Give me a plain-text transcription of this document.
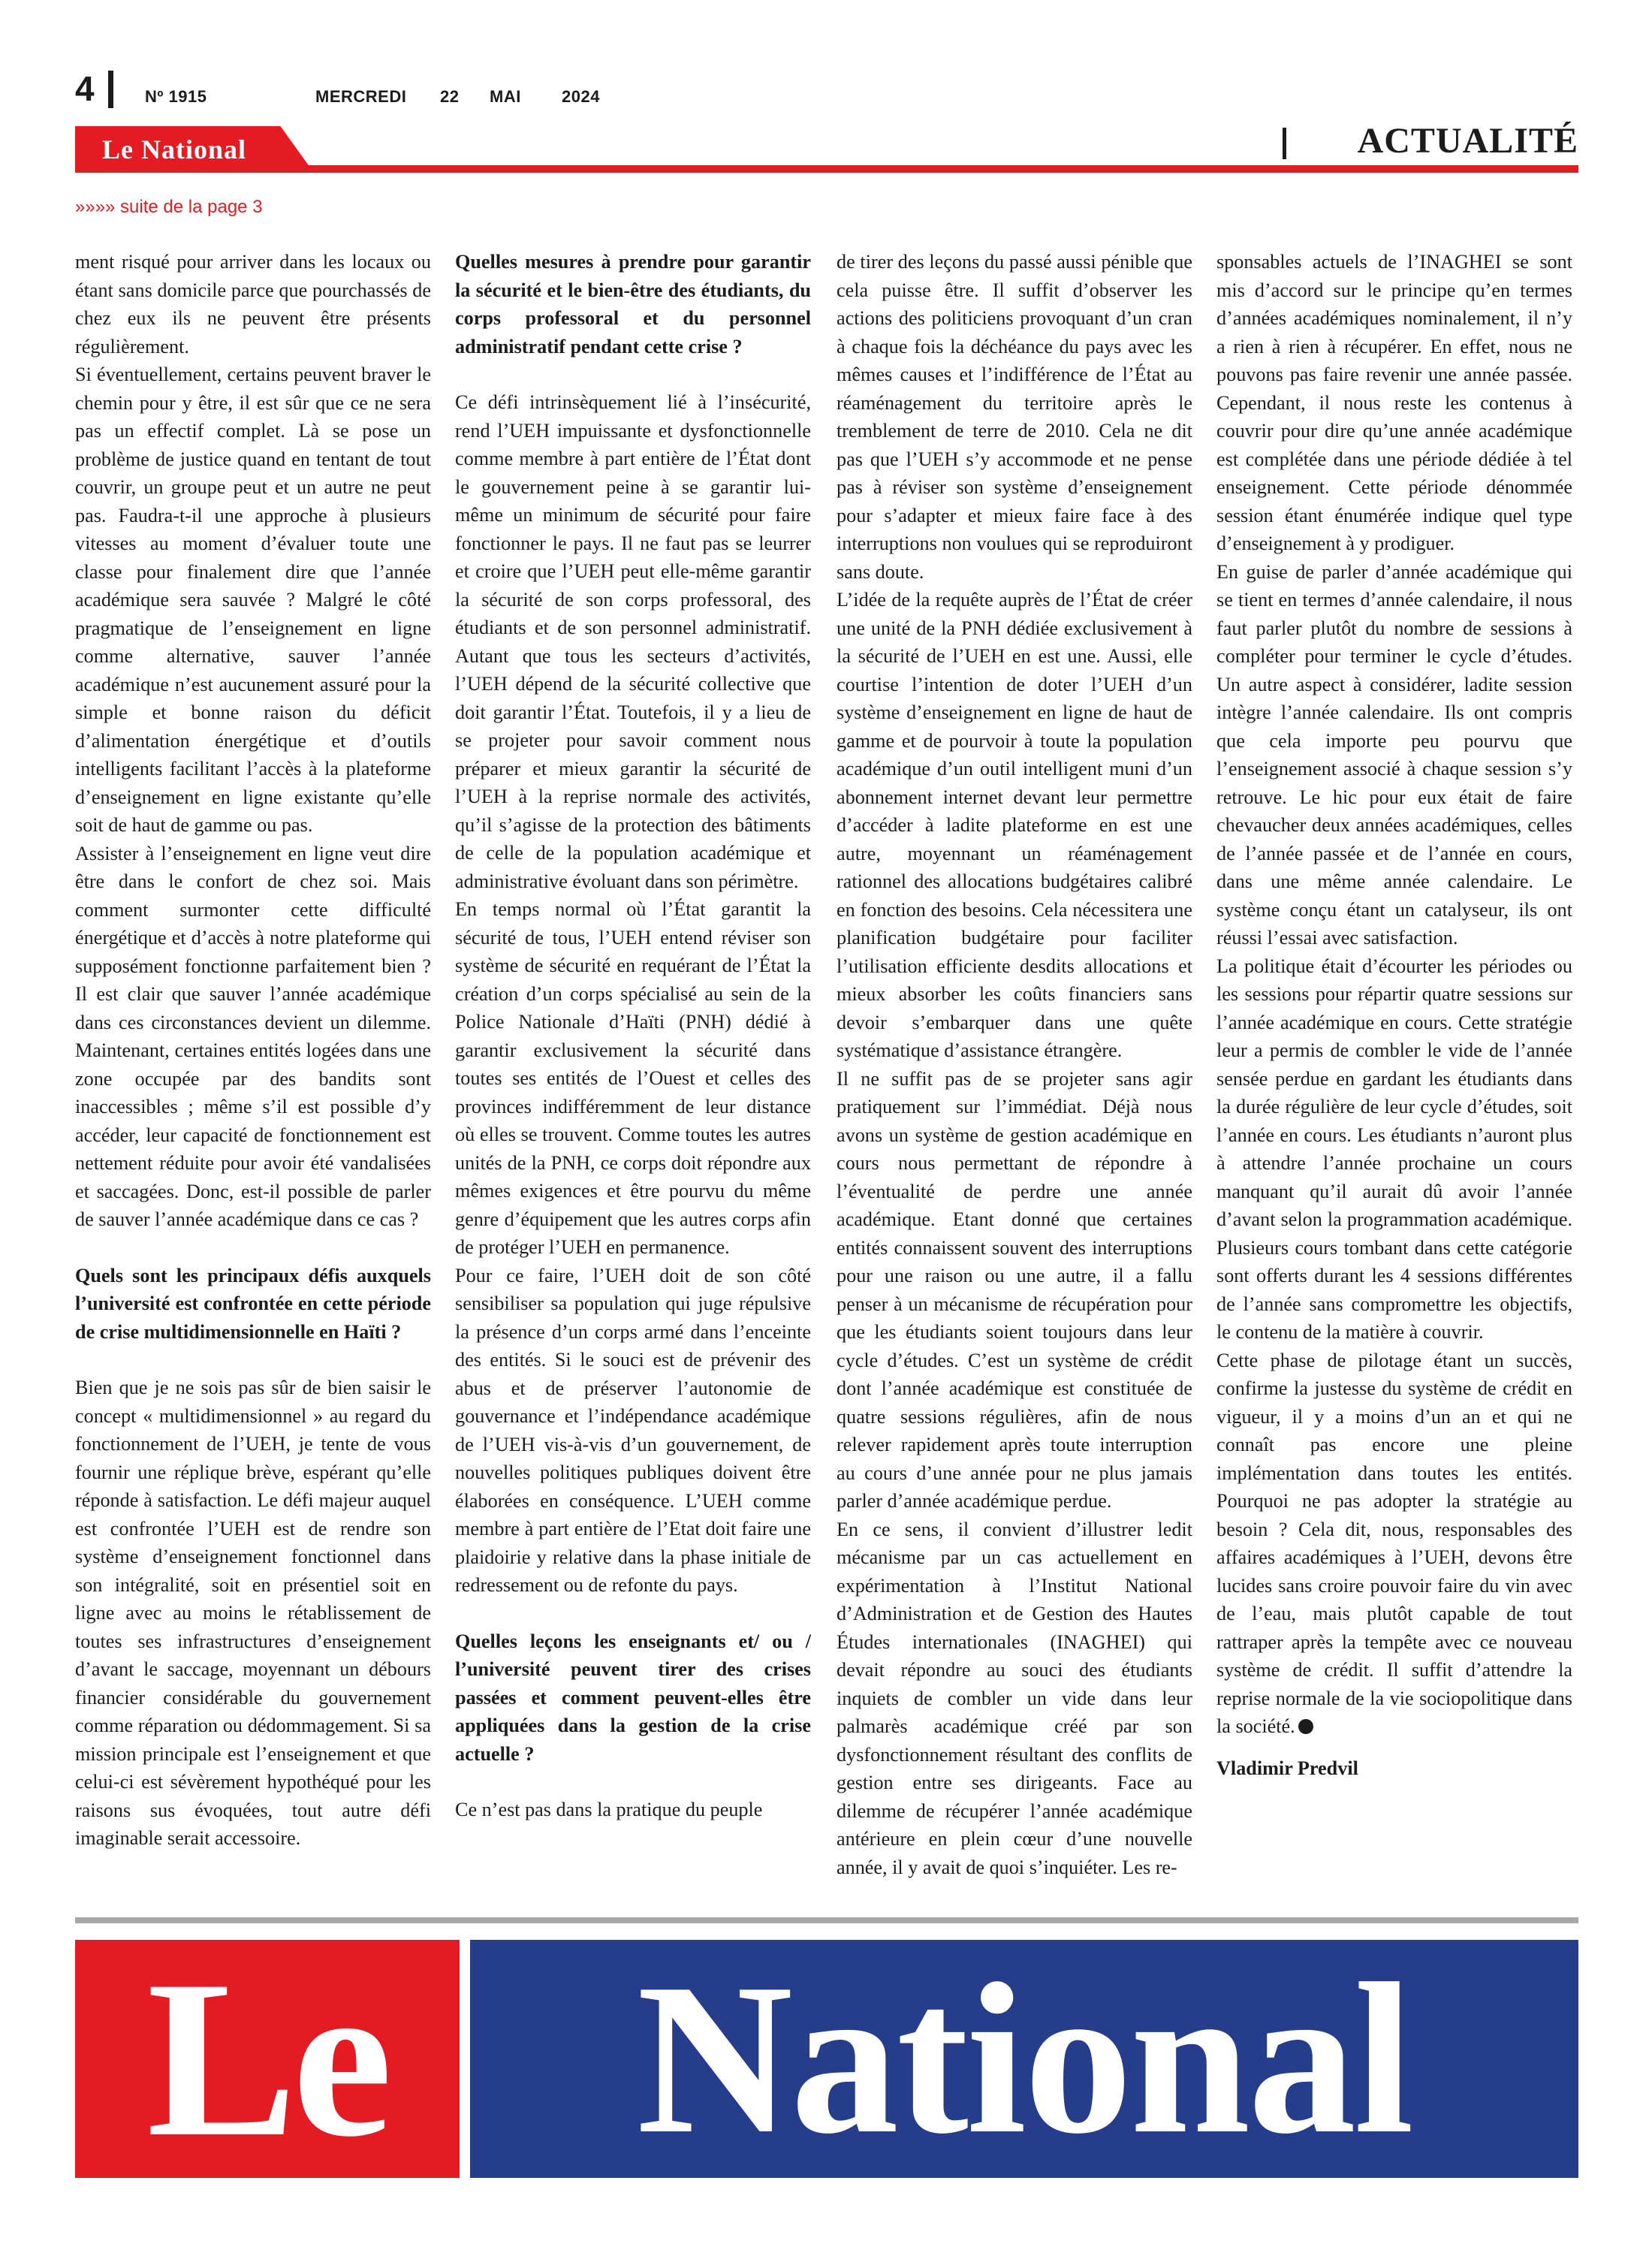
4	Nº 1915	MERCREDI 22 MAI 2024
Le National	ACTUALITÉ
»»»» suite de la page 3

ment risqué pour arriver dans les locaux ou étant sans domicile parce que pourchassés de chez eux ils ne peuvent être présents régulièrement.

Si éventuellement, certains peuvent braver le chemin pour y être, il est sûr que ce ne sera pas un effectif complet. Là se pose un problème de justice quand en tentant de tout couvrir, un groupe peut et un autre ne peut pas. Faudra-t-il une approche à plusieurs vitesses au moment d’évaluer toute une classe pour finalement dire que l’année académique sera sauvée ? Malgré le côté pragmatique de l’enseignement en ligne comme alternative, sauver l’année académique n’est aucunement assuré pour la simple et bonne raison du déficit d’alimentation énergétique et d’outils intelligents facilitant l’accès à la plateforme d’enseignement en ligne existante qu’elle soit de haut de gamme ou pas.

Assister à l’enseignement en ligne veut dire être dans le confort de chez soi. Mais comment surmonter cette difficulté énergétique et d’accès à notre plateforme qui supposément fonctionne parfaitement bien ? Il est clair que sauver l’année académique dans ces circonstances devient un dilemme. Maintenant, certaines entités logées dans une zone occupée par des bandits sont inaccessibles ; même s’il est possible d’y accéder, leur capacité de fonctionnement est nettement réduite pour avoir été vandalisées et saccagées. Donc, est-il possible de parler de sauver l’année académique dans ce cas ?

Quels sont les principaux défis auxquels l’université est confrontée en cette période de crise multidimensionnelle en Haïti ?

Bien que je ne sois pas sûr de bien saisir le concept « multidimensionnel » au regard du fonctionnement de l’UEH, je tente de vous fournir une réplique brève, espérant qu’elle réponde à satisfaction. Le défi majeur auquel est confrontée l’UEH est de rendre son système d’enseignement fonctionnel dans son intégralité, soit en présentiel soit en ligne avec au moins le rétablissement de toutes ses infrastructures d’enseignement d’avant le saccage, moyennant un débours financier considérable du gouvernement comme réparation ou dédommagement. Si sa mission principale est l’enseignement et que celui-ci est sévèrement hypothéqué pour les raisons sus évoquées, tout autre défi imaginable serait accessoire.

Quelles mesures à prendre pour garantir la sécurité et le bien-être des étudiants, du corps professoral et du personnel administratif pendant cette crise ?

Ce défi intrinsèquement lié à l’insécurité, rend l’UEH impuissante et dysfonctionnelle comme membre à part entière de l’État dont le gouvernement peine à se garantir lui-même un minimum de sécurité pour faire fonctionner le pays. Il ne faut pas se leurrer et croire que l’UEH peut elle-même garantir la sécurité de son corps professoral, des étudiants et de son personnel administratif. Autant que tous les secteurs d’activités, l’UEH dépend de la sécurité collective que doit garantir l’État. Toutefois, il y a lieu de se projeter pour savoir comment nous préparer et mieux garantir la sécurité de l’UEH à la reprise normale des activités, qu’il s’agisse de la protection des bâtiments de celle de la population académique et administrative évoluant dans son périmètre.

En temps normal où l’État garantit la sécurité de tous, l’UEH entend réviser son système de sécurité en requérant de l’État la création d’un corps spécialisé au sein de la Police Nationale d’Haïti (PNH) dédié à garantir exclusivement la sécurité dans toutes ses entités de l’Ouest et celles des provinces indifféremment de leur distance où elles se trouvent. Comme toutes les autres unités de la PNH, ce corps doit répondre aux mêmes exigences et être pourvu du même genre d’équipement que les autres corps afin de protéger l’UEH en permanence.

Pour ce faire, l’UEH doit de son côté sensibiliser sa population qui juge répulsive la présence d’un corps armé dans l’enceinte des entités. Si le souci est de prévenir des abus et de préserver l’autonomie de gouvernance et l’indépendance académique de l’UEH vis-à-vis d’un gouvernement, de nouvelles politiques publiques doivent être élaborées en conséquence. L’UEH comme membre à part entière de l’Etat doit faire une plaidoirie y relative dans la phase initiale de redressement ou de refonte du pays.

Quelles leçons les enseignants et/ ou / l’université peuvent tirer des crises passées et comment peuvent-elles être appliquées dans la gestion de la crise actuelle ?

Ce n’est pas dans la pratique du peuple

de tirer des leçons du passé aussi pénible que cela puisse être. Il suffit d’observer les actions des politiciens provoquant d’un cran à chaque fois la déchéance du pays avec les mêmes causes et l’indifférence de l’État au réaménagement du territoire après le tremblement de terre de 2010. Cela ne dit pas que l’UEH s’y accommode et ne pense pas à réviser son système d’enseignement pour s’adapter et mieux faire face à des interruptions non voulues qui se reproduiront sans doute.

L’idée de la requête auprès de l’État de créer une unité de la PNH dédiée exclusivement à la sécurité de l’UEH en est une. Aussi, elle courtise l’intention de doter l’UEH d’un système d’enseignement en ligne de haut de gamme et de pourvoir à toute la population académique d’un outil intelligent muni d’un abonnement internet devant leur permettre d’accéder à ladite plateforme en est une autre, moyennant un réaménagement rationnel des allocations budgétaires calibré en fonction des besoins. Cela nécessitera une planification budgétaire pour faciliter l’utilisation efficiente desdits allocations et mieux absorber les coûts financiers sans devoir s’embarquer dans une quête systématique d’assistance étrangère.

Il ne suffit pas de se projeter sans agir pratiquement sur l’immédiat. Déjà nous avons un système de gestion académique en cours nous permettant de répondre à l’éventualité de perdre une année académique. Etant donné que certaines entités connaissent souvent des interruptions pour une raison ou une autre, il a fallu penser à un mécanisme de récupération pour que les étudiants soient toujours dans leur cycle d’études. C’est un système de crédit dont l’année académique est constituée de quatre sessions régulières, afin de nous relever rapidement après toute interruption au cours d’une année pour ne plus jamais parler d’année académique perdue.

En ce sens, il convient d’illustrer ledit mécanisme par un cas actuellement en expérimentation à l’Institut National d’Administration et de Gestion des Hautes Études internationales (INAGHEI) qui devait répondre au souci des étudiants inquiets de combler un vide dans leur palmarès académique créé par son dysfonctionnement résultant des conflits de gestion entre ses dirigeants. Face au dilemme de récupérer l’année académique antérieure en plein cœur d’une nouvelle année, il y avait de quoi s’inquiéter. Les re-

sponsables actuels de l’INAGHEI se sont mis d’accord sur le principe qu’en termes d’années académiques nominalement, il n’y a rien à rien à récupérer. En effet, nous ne pouvons pas faire revenir une année passée. Cependant, il nous reste les contenus à couvrir pour dire qu’une année académique est complétée dans une période dédiée à tel enseignement. Cette période dénommée session étant énumérée indique quel type d’enseignement à y prodiguer.

En guise de parler d’année académique qui se tient en termes d’année calendaire, il nous faut parler plutôt du nombre de sessions à compléter pour terminer le cycle d’études. Un autre aspect à considérer, ladite session intègre l’année calendaire. Ils ont compris que cela importe peu pourvu que l’enseignement associé à chaque session s’y retrouve. Le hic pour eux était de faire chevaucher deux années académiques, celles de l’année passée et de l’année en cours, dans une même année calendaire. Le système conçu étant un catalyseur, ils ont réussi l’essai avec satisfaction.

La politique était d’écourter les périodes ou les sessions pour répartir quatre sessions sur l’année académique en cours. Cette stratégie leur a permis de combler le vide de l’année sensée perdue en gardant les étudiants dans la durée régulière de leur cycle d’études, soit l’année en cours. Les étudiants n’auront plus à attendre l’année prochaine un cours manquant qu’il aurait dû avoir l’année d’avant selon la programmation académique. Plusieurs cours tombant dans cette catégorie sont offerts durant les 4 sessions différentes de l’année sans compromettre les objectifs, le contenu de la matière à couvrir.

Cette phase de pilotage étant un succès, confirme la justesse du système de crédit en vigueur, il y a moins d’un an et qui ne connaît pas encore une pleine implémentation dans toutes les entités. Pourquoi ne pas adopter la stratégie au besoin ? Cela dit, nous, responsables des affaires académiques à l’UEH, devons être lucides sans croire pouvoir faire du vin avec de l’eau, mais plutôt capable de tout rattraper après la tempête avec ce nouveau système de crédit. Il suffit d’attendre la reprise normale de la vie sociopolitique dans la société.

Vladimir Predvil

Le	National
